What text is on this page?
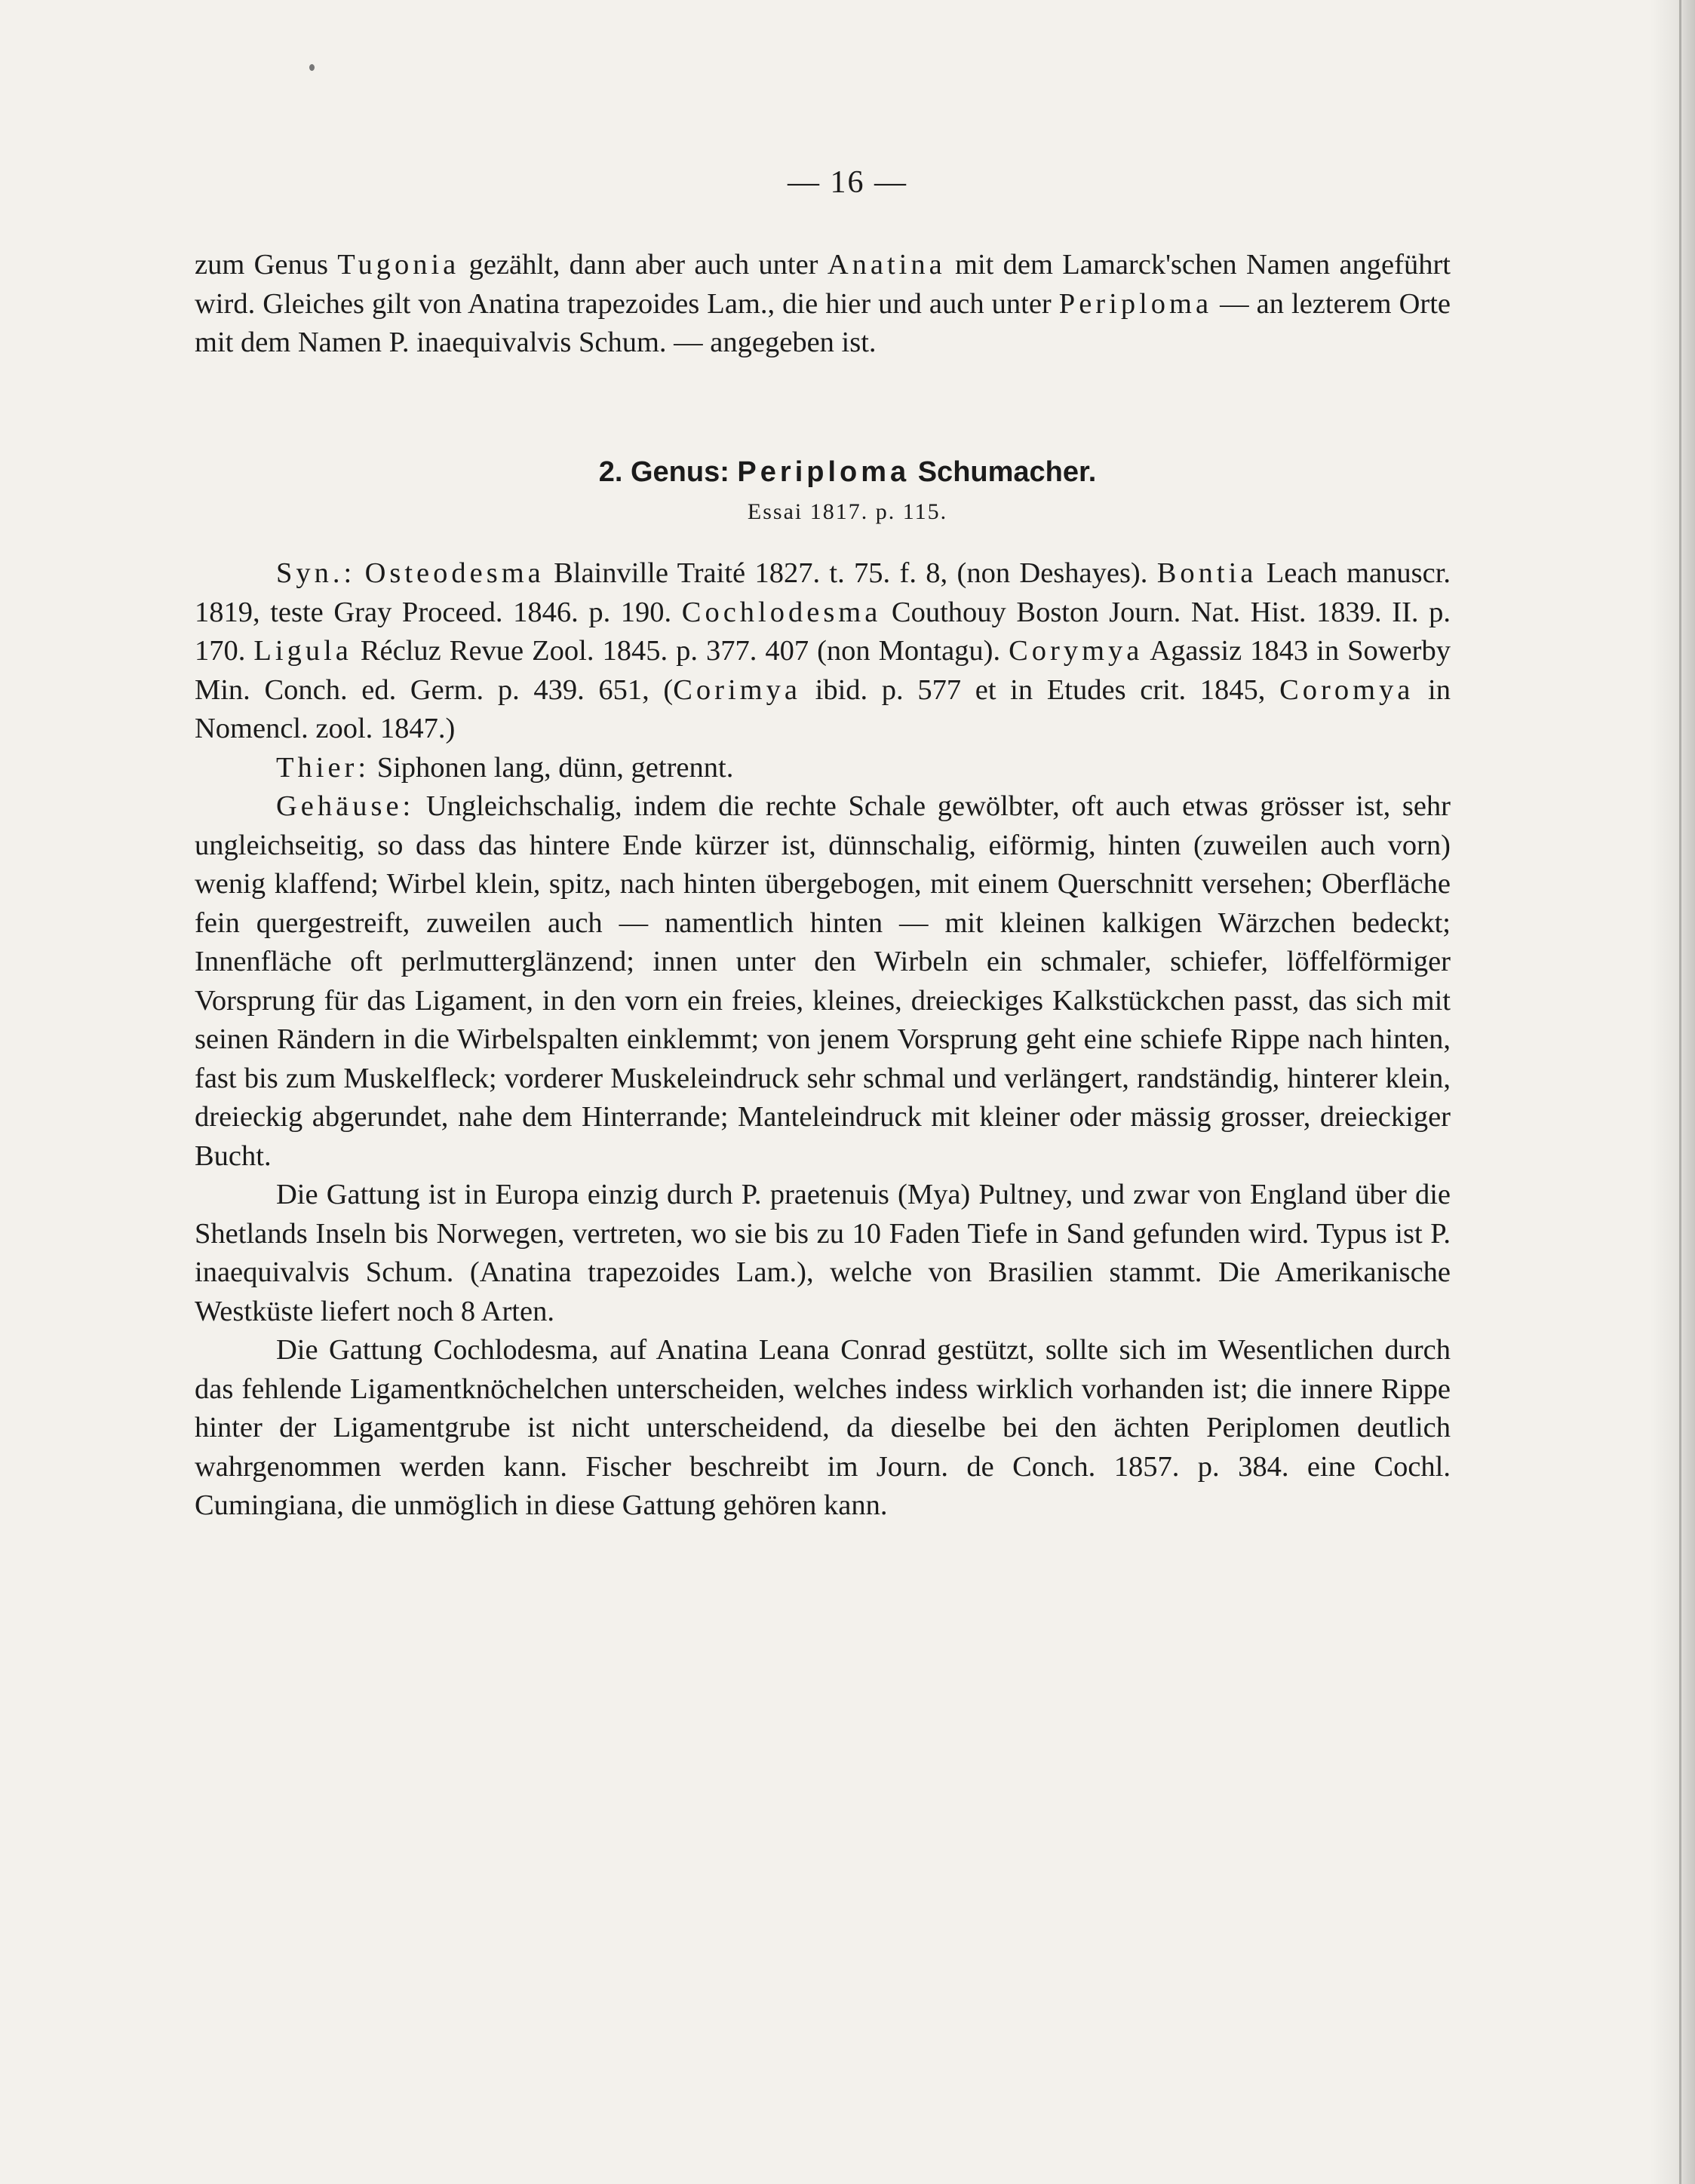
— 16 —

zum Genus Tugonia gezählt, dann aber auch unter Anatina mit dem Lamarck'schen Namen angeführt wird. Gleiches gilt von Anatina trapezoides Lam., die hier und auch unter Periploma — an lezterem Orte mit dem Namen P. inaequivalvis Schum. — angegeben ist.

2. Genus: Periploma Schumacher.
Essai 1817. p. 115.

Syn.: Osteodesma Blainville Traité 1827. t. 75. f. 8, (non Deshayes). Bontia Leach manuscr. 1819, teste Gray Proceed. 1846. p. 190. Cochlodesma Couthouy Boston Journ. Nat. Hist. 1839. II. p. 170. Ligula Récluz Revue Zool. 1845. p. 377. 407 (non Montagu). Corymya Agassiz 1843 in Sowerby Min. Conch. ed. Germ. p. 439. 651, (Corimya ibid. p. 577 et in Etudes crit. 1845, Coromya in Nomencl. zool. 1847.)

Thier: Siphonen lang, dünn, getrennt.

Gehäuse: Ungleichschalig, indem die rechte Schale gewölbter, oft auch etwas grösser ist, sehr ungleichseitig, so dass das hintere Ende kürzer ist, dünnschalig, eiförmig, hinten (zuweilen auch vorn) wenig klaffend; Wirbel klein, spitz, nach hinten übergebogen, mit einem Querschnitt versehen; Oberfläche fein quergestreift, zuweilen auch — namentlich hinten — mit kleinen kalkigen Wärzchen bedeckt; Innenfläche oft perlmutterglänzend; innen unter den Wirbeln ein schmaler, schiefer, löffelförmiger Vorsprung für das Ligament, in den vorn ein freies, kleines, dreieckiges Kalkstückchen passt, das sich mit seinen Rändern in die Wirbelspalten einklemmt; von jenem Vorsprung geht eine schiefe Rippe nach hinten, fast bis zum Muskelfleck; vorderer Muskeleindruck sehr schmal und verlängert, randständig, hinterer klein, dreieckig abgerundet, nahe dem Hinterrande; Manteleindruck mit kleiner oder mässig grosser, dreieckiger Bucht.

Die Gattung ist in Europa einzig durch P. praetenuis (Mya) Pultney, und zwar von England über die Shetlands Inseln bis Norwegen, vertreten, wo sie bis zu 10 Faden Tiefe in Sand gefunden wird. Typus ist P. inaequivalvis Schum. (Anatina trapezoides Lam.), welche von Brasilien stammt. Die Amerikanische Westküste liefert noch 8 Arten.

Die Gattung Cochlodesma, auf Anatina Leana Conrad gestützt, sollte sich im Wesentlichen durch das fehlende Ligamentknöchelchen unterscheiden, welches indess wirklich vorhanden ist; die innere Rippe hinter der Ligamentgrube ist nicht unterscheidend, da dieselbe bei den ächten Periplomen deutlich wahrgenommen werden kann. Fischer beschreibt im Journ. de Conch. 1857. p. 384. eine Cochl. Cumingiana, die unmöglich in diese Gattung gehören kann.
